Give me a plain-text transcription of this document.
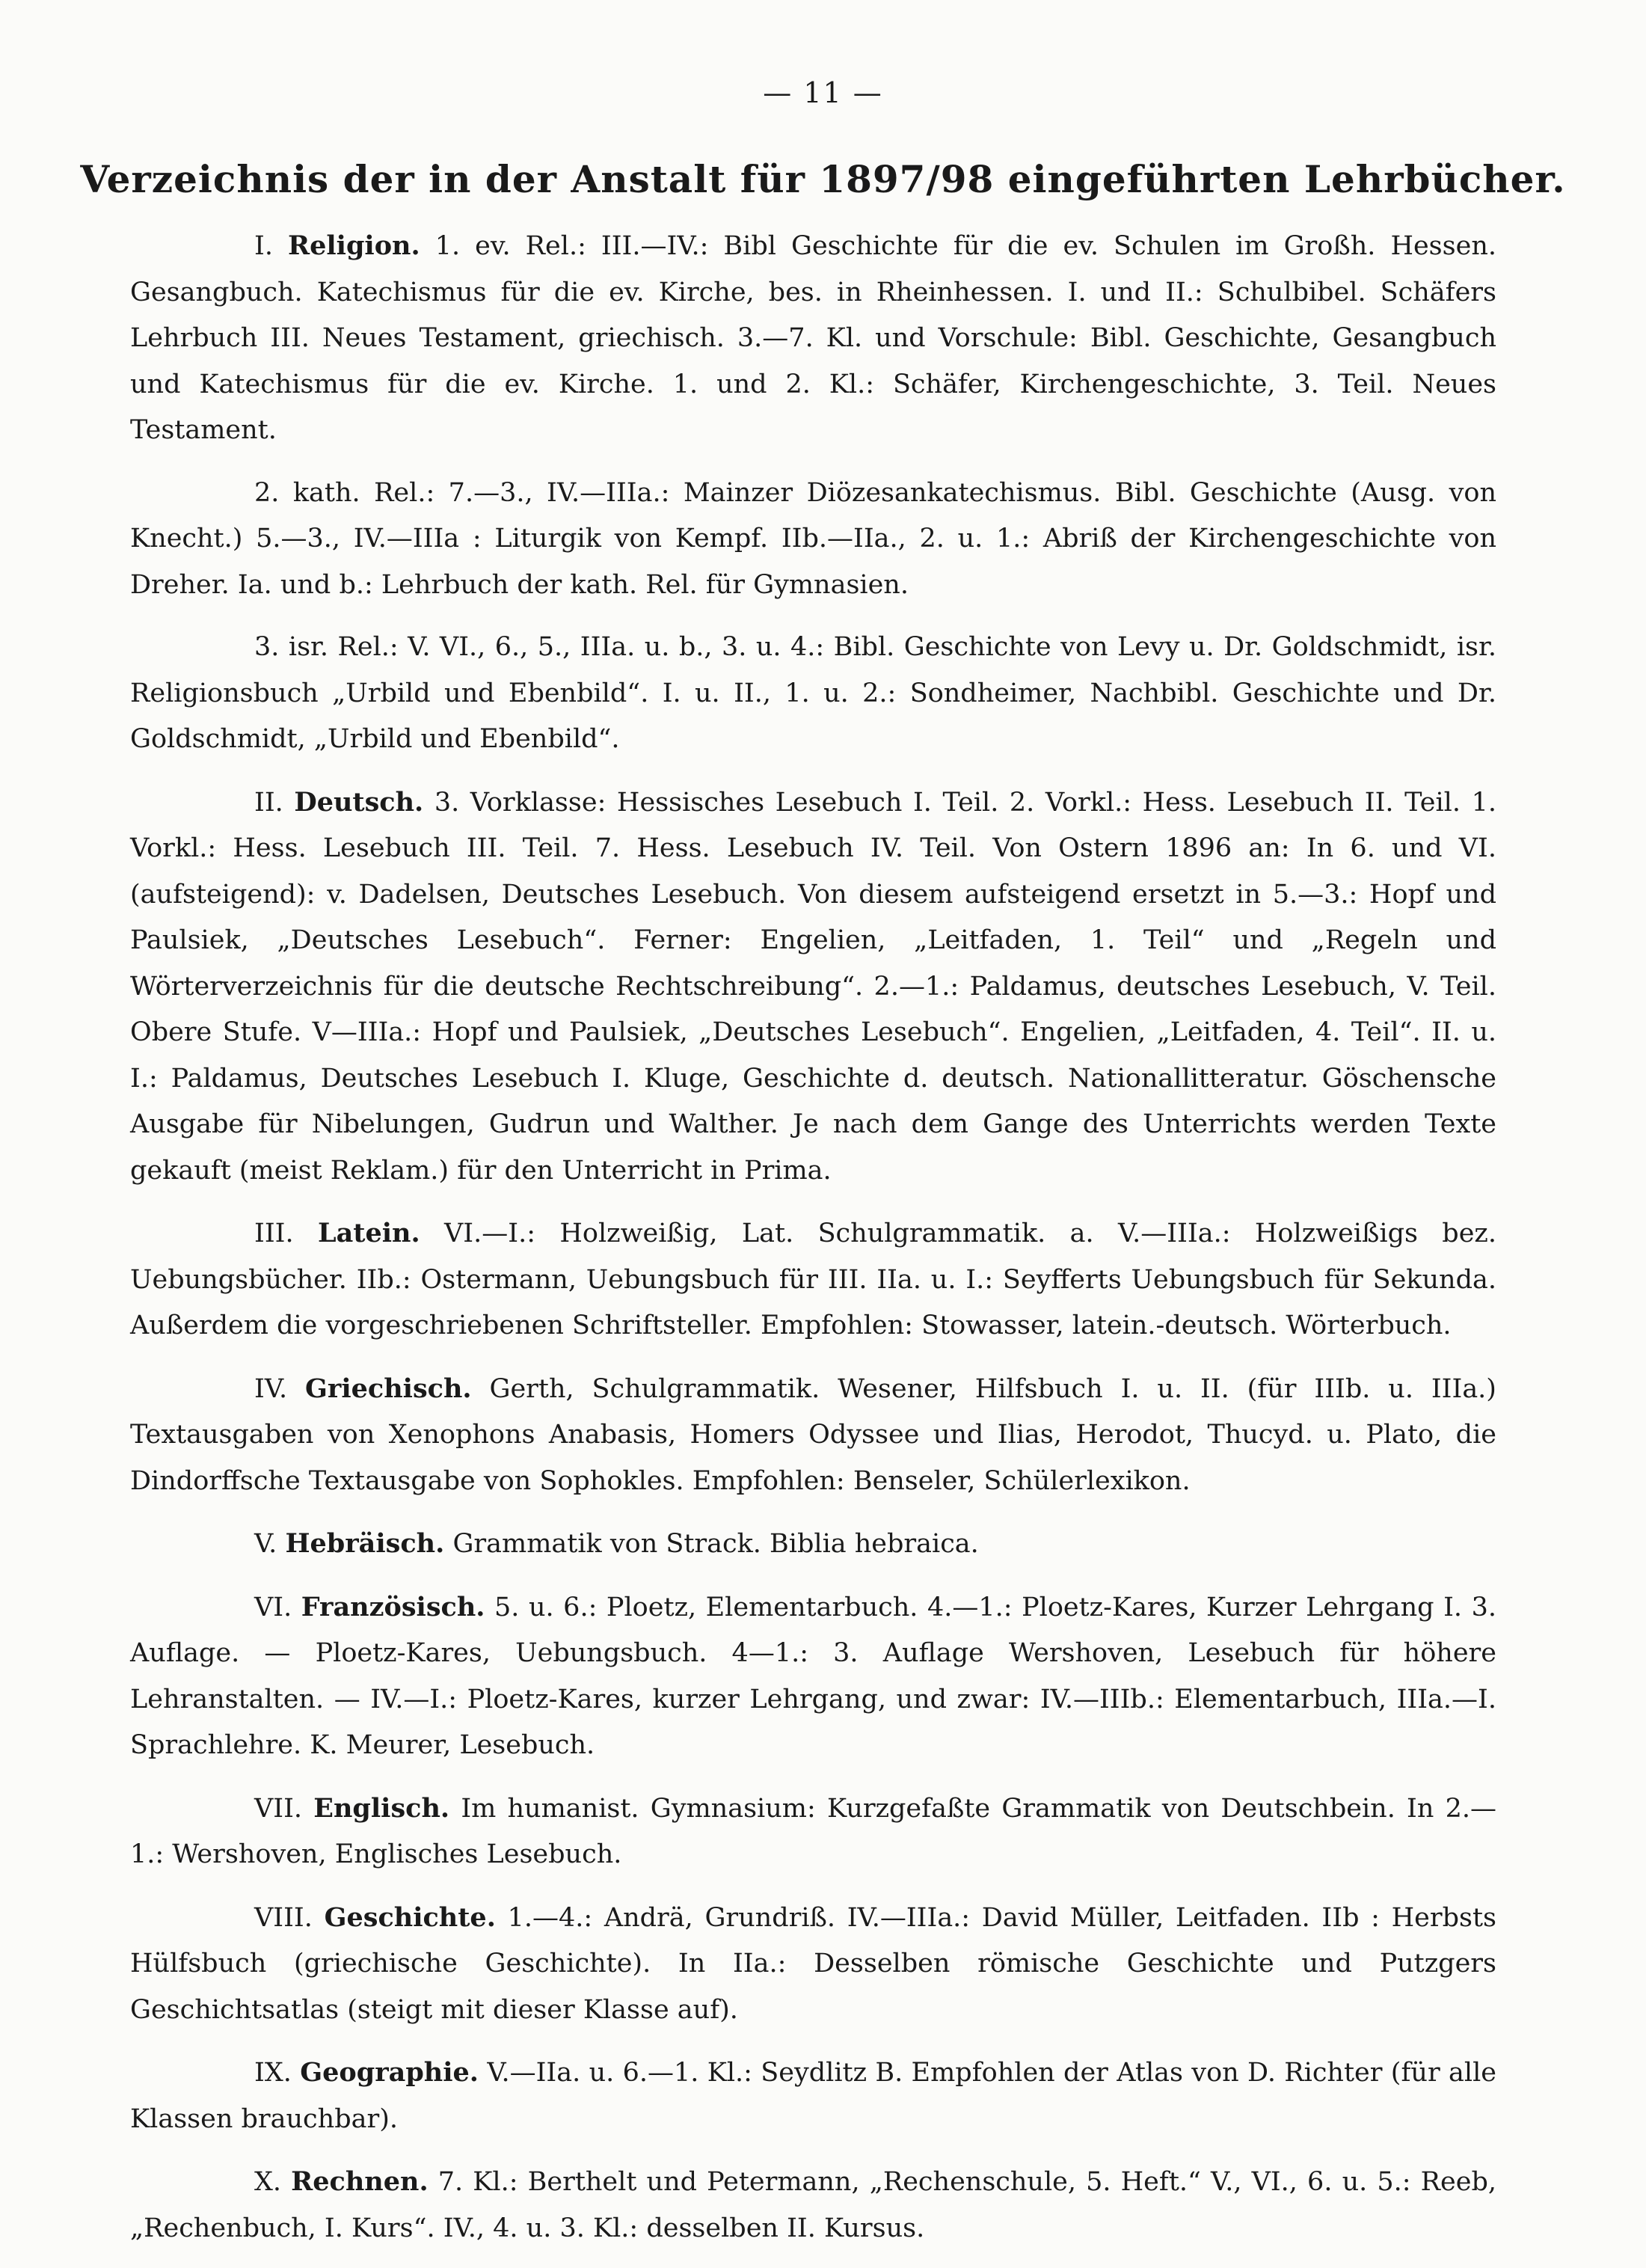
— 11 —
Verzeichnis der in der Anstalt für 1897/98 eingeführten Lehrbücher.

I. Religion. 1. ev. Rel.: III.—IV.: Bibl Geschichte für die ev. Schulen im Großh. Hessen. Gesangbuch. Katechismus für die ev. Kirche, bes. in Rheinhessen. I. und II.: Schulbibel. Schäfers Lehrbuch III. Neues Testament, griechisch. 3.—7. Kl. und Vorschule: Bibl. Geschichte, Gesangbuch und Katechismus für die ev. Kirche. 1. und 2. Kl.: Schäfer, Kirchengeschichte, 3. Teil. Neues Testament.

2. kath. Rel.: 7.—3., IV.—IIIa.: Mainzer Diözesankatechismus. Bibl. Geschichte (Ausg. von Knecht.) 5.—3., IV.—IIIa : Liturgik von Kempf. IIb.—IIa., 2. u. 1.: Abriß der Kirchengeschichte von Dreher. Ia. und b.: Lehrbuch der kath. Rel. für Gymnasien.

3. isr. Rel.: V. VI., 6., 5., IIIa. u. b., 3. u. 4.: Bibl. Geschichte von Levy u. Dr. Goldschmidt, isr. Religionsbuch „Urbild und Ebenbild“. I. u. II., 1. u. 2.: Sondheimer, Nachbibl. Geschichte und Dr. Goldschmidt, „Urbild und Ebenbild“.

II. Deutsch. 3. Vorklasse: Hessisches Lesebuch I. Teil. 2. Vorkl.: Hess. Lesebuch II. Teil. 1. Vorkl.: Hess. Lesebuch III. Teil. 7. Hess. Lesebuch IV. Teil. Von Ostern 1896 an: In 6. und VI. (aufsteigend): v. Dadelsen, Deutsches Lesebuch. Von diesem aufsteigend ersetzt in 5.—3.: Hopf und Paulsiek, „Deutsches Lesebuch“. Ferner: Engelien, „Leitfaden, 1. Teil“ und „Regeln und Wörterverzeichnis für die deutsche Rechtschreibung“. 2.—1.: Paldamus, deutsches Lesebuch, V. Teil. Obere Stufe. V—IIIa.: Hopf und Paulsiek, „Deutsches Lesebuch“. Engelien, „Leitfaden, 4. Teil“. II. u. I.: Paldamus, Deutsches Lesebuch I. Kluge, Geschichte d. deutsch. Nationallitteratur. Göschensche Ausgabe für Nibelungen, Gudrun und Walther. Je nach dem Gange des Unterrichts werden Texte gekauft (meist Reklam.) für den Unterricht in Prima.

III. Latein. VI.—I.: Holzweißig, Lat. Schulgrammatik. a. V.—IIIa.: Holzweißigs bez. Uebungsbücher. IIb.: Ostermann, Uebungsbuch für III. IIa. u. I.: Seyfferts Uebungsbuch für Sekunda. Außerdem die vorgeschriebenen Schriftsteller. Empfohlen: Stowasser, latein.-deutsch. Wörterbuch.

IV. Griechisch. Gerth, Schulgrammatik. Wesener, Hilfsbuch I. u. II. (für IIIb. u. IIIa.) Textausgaben von Xenophons Anabasis, Homers Odyssee und Ilias, Herodot, Thucyd. u. Plato, die Dindorffsche Textausgabe von Sophokles. Empfohlen: Benseler, Schülerlexikon.

V. Hebräisch. Grammatik von Strack. Biblia hebraica.

VI. Französisch. 5. u. 6.: Ploetz, Elementarbuch. 4.—1.: Ploetz-Kares, Kurzer Lehrgang I. 3. Auflage. — Ploetz-Kares, Uebungsbuch. 4—1.: 3. Auflage Wershoven, Lesebuch für höhere Lehranstalten. — IV.—I.: Ploetz-Kares, kurzer Lehrgang, und zwar: IV.—IIIb.: Elementarbuch, IIIa.—I. Sprachlehre. K. Meurer, Lesebuch.

VII. Englisch. Im humanist. Gymnasium: Kurzgefaßte Grammatik von Deutschbein. In 2.—1.: Wershoven, Englisches Lesebuch.

VIII. Geschichte. 1.—4.: Andrä, Grundriß. IV.—IIIa.: David Müller, Leitfaden. IIb : Herbsts Hülfsbuch (griechische Geschichte). In IIa.: Desselben römische Geschichte und Putzgers Geschichtsatlas (steigt mit dieser Klasse auf).

IX. Geographie. V.—IIa. u. 6.—1. Kl.: Seydlitz B. Empfohlen der Atlas von D. Richter (für alle Klassen brauchbar).

X. Rechnen. 7. Kl.: Berthelt und Petermann, „Rechenschule, 5. Heft.“ V., VI., 6. u. 5.: Reeb, „Rechenbuch, I. Kurs“. IV., 4. u. 3. Kl.: desselben II. Kursus.
